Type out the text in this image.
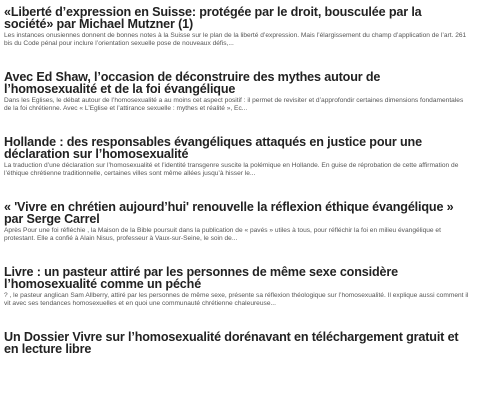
«Liberté d’expression en Suisse: protégée par le droit, bousculée par la société» par Michael Mutzner (1)

Les instances onusiennes donnent de bonnes notes à la Suisse sur le plan de la liberté d’expression. Mais l’élargissement du champ d’application de l’art. 261 bis du Code pénal pour inclure l’orientation sexuelle pose de nouveaux défis,...

Avec Ed Shaw, l’occasion de déconstruire des mythes autour de l’homosexualité et de la foi évangélique

Dans les Eglises, le débat autour de l’homosexualité a au moins cet aspect positif : il permet de revisiter et d’approfondir certaines dimensions fondamentales de la foi chrétienne. Avec « L’Eglise et l’attirance sexuelle : mythes et réalité », Ec...

Hollande : des responsables évangéliques attaqués en justice pour une déclaration sur l’homosexualité

La traduction d’une déclaration sur l’homosexualité et l’identité transgenre suscite la polémique en Hollande. En guise de réprobation de cette affirmation de l’éthique chrétienne traditionnelle, certaines villes sont même allées jusqu’à hisser le...

« 'Vivre en chrétien aujourd’hui' renouvelle la réflexion éthique évangélique » par Serge Carrel

Après Pour une foi réfléchie , la Maison de la Bible poursuit dans la publication de « pavés » utiles à tous, pour réfléchir la foi en milieu évangélique et protestant. Elle a confié à Alain Nisus, professeur à Vaux-sur-Seine, le soin de...

Livre : un pasteur attiré par les personnes de même sexe considère l’homosexualité comme un péché

? , le pasteur anglican Sam Allberry, attiré par les personnes de même sexe, présente sa réflexion théologique sur l’homosexualité. Il explique aussi comment il vit avec ses tendances homosexuelles et en quoi une communauté chrétienne chaleureuse...

Un Dossier Vivre sur l’homosexualité dorénavant en téléchargement gratuit et en lecture libre
